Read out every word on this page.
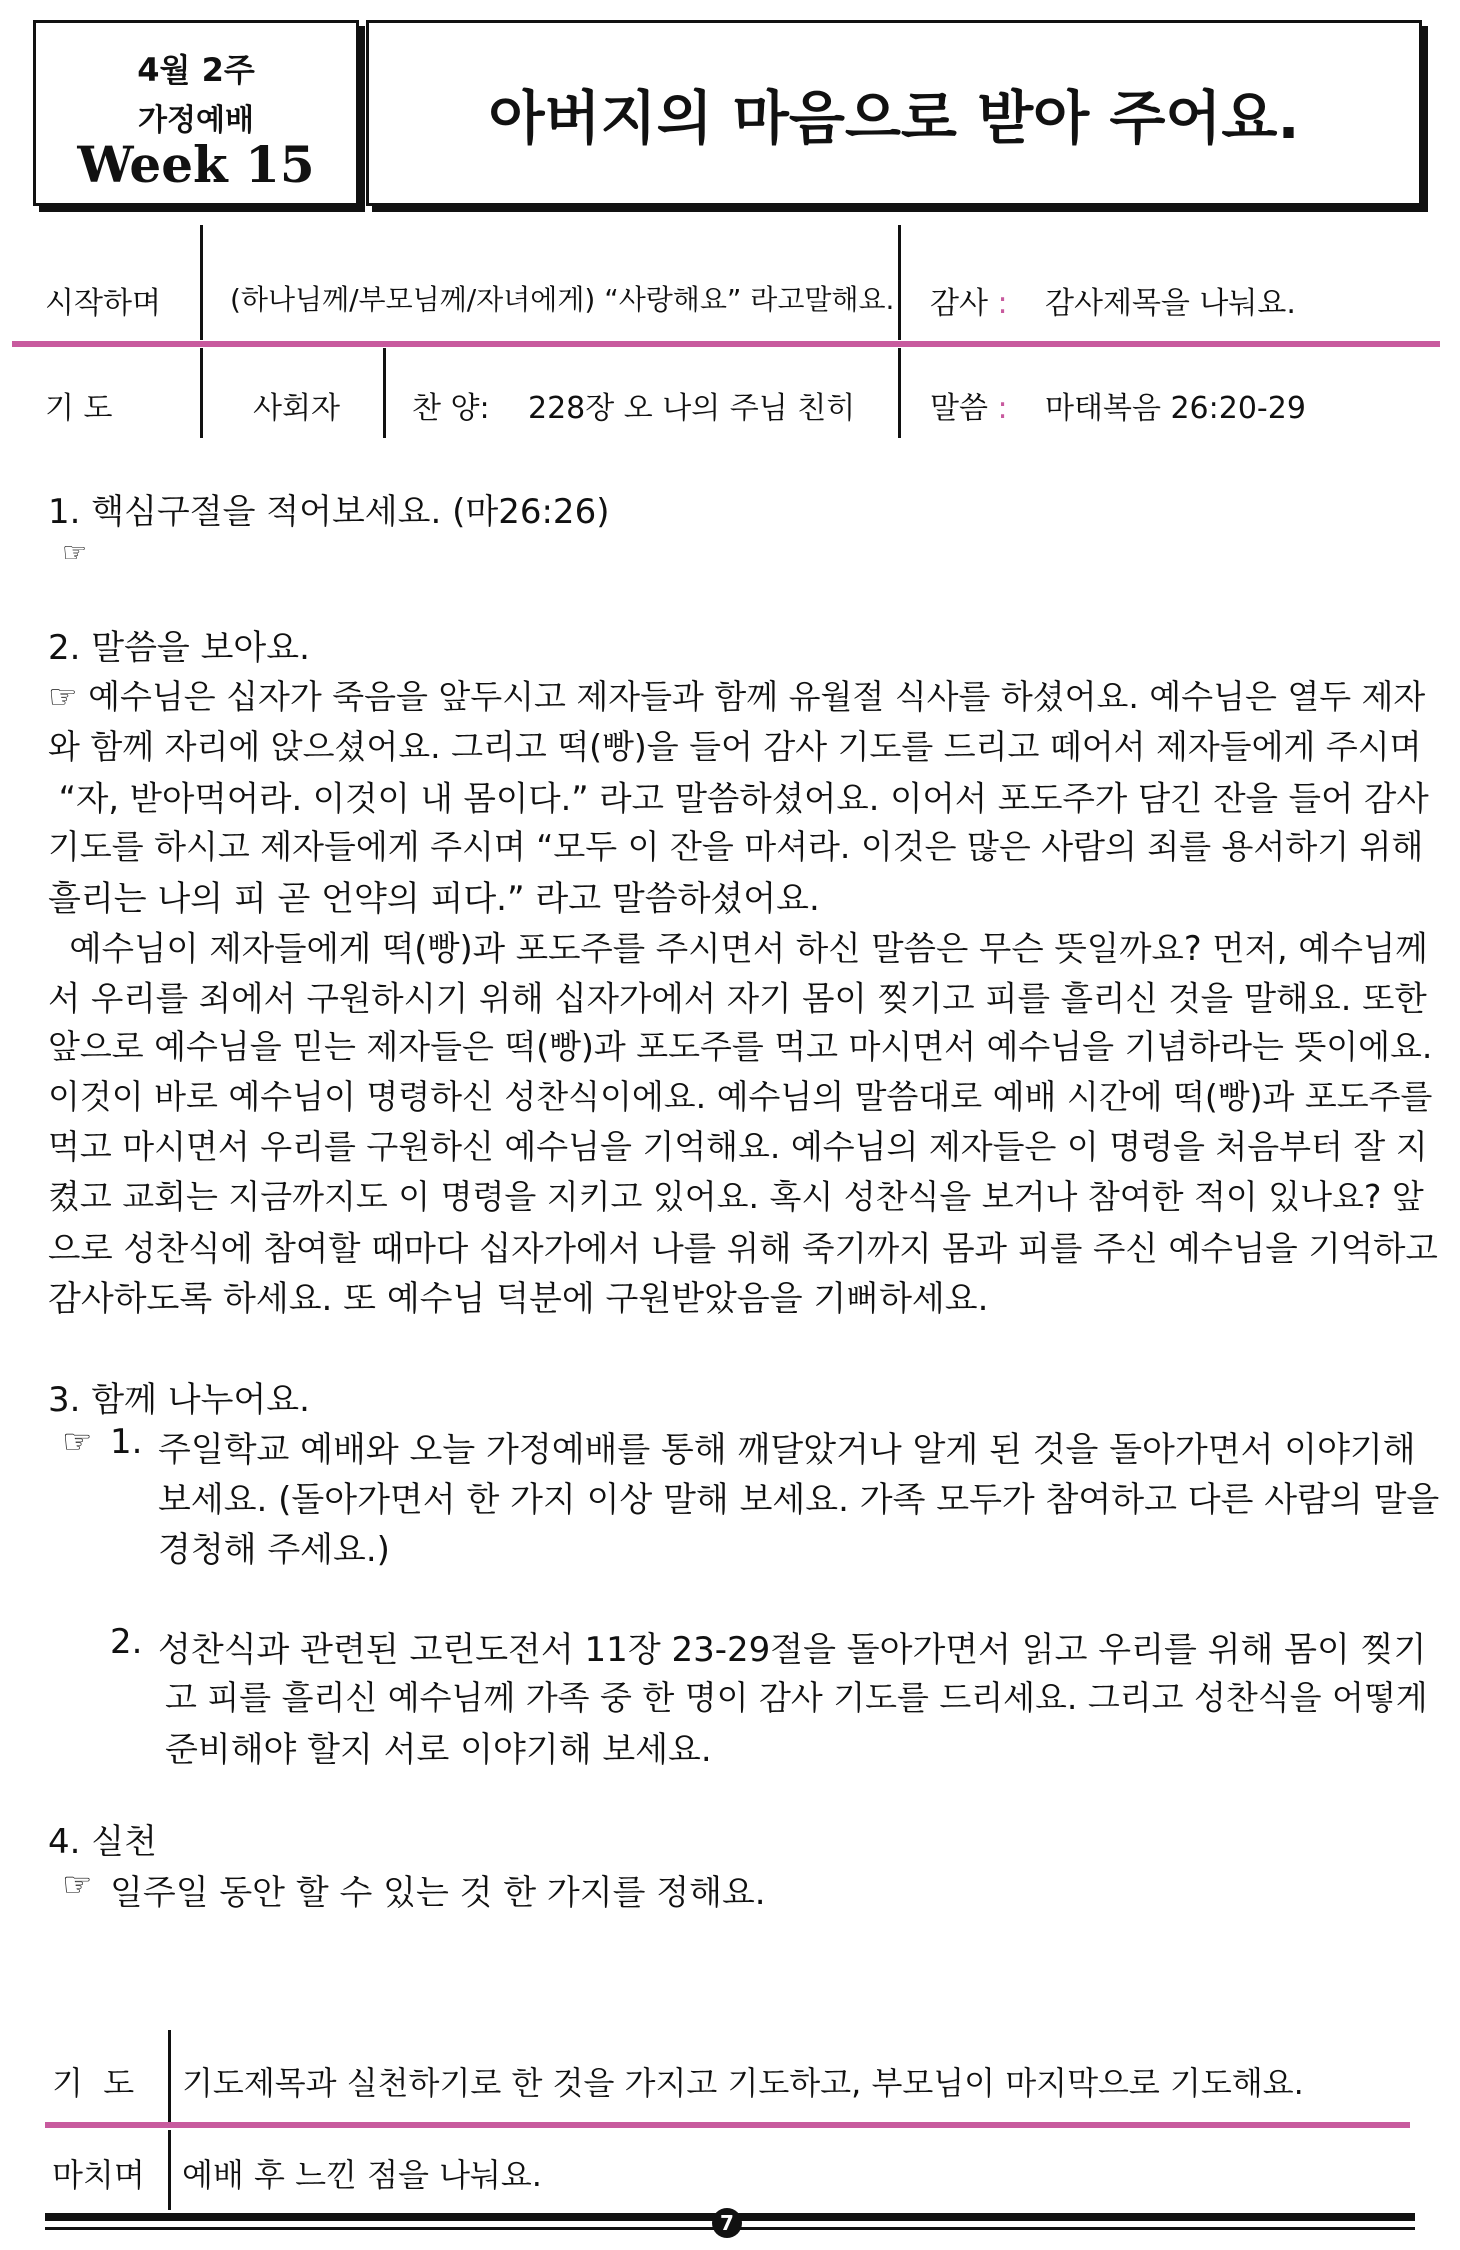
4월 2주
가정예배
Week 15
아버지의 마음으로 받아 주어요.
시작하며 (하나님께/부모님께/자녀에게) “사랑해요” 라고말해요. 감사 : 감사제목을 나눠요.
기 도	사회자 찬 양: 228장 오 나의 주님 친히 말씀 : 마태복음 26:20-29
1. 핵심구절을 적어보세요. (마26:26)
☞
2. 말씀을 보아요.
☞ 예수님은 십자가 죽음을 앞두시고 제자들과 함께 유월절 식사를 하셨어요. 예수님은 열두 제자
와 함께 자리에 앉으셨어요. 그리고 떡(빵)을 들어 감사 기도를 드리고 떼어서 제자들에게 주시며
“자, 받아먹어라. 이것이 내 몸이다.” 라고 말씀하셨어요. 이어서 포도주가 담긴 잔을 들어 감사
기도를 하시고 제자들에게 주시며 “모두 이 잔을 마셔라. 이것은 많은 사람의 죄를 용서하기 위해
흘리는 나의 피 곧 언약의 피다.” 라고 말씀하셨어요.
예수님이 제자들에게 떡(빵)과 포도주를 주시면서 하신 말씀은 무슨 뜻일까요? 먼저, 예수님께
서 우리를 죄에서 구원하시기 위해 십자가에서 자기 몸이 찢기고 피를 흘리신 것을 말해요. 또한
앞으로 예수님을 믿는 제자들은 떡(빵)과 포도주를 먹고 마시면서 예수님을 기념하라는 뜻이에요.
이것이 바로 예수님이 명령하신 성찬식이에요. 예수님의 말씀대로 예배 시간에 떡(빵)과 포도주를
먹고 마시면서 우리를 구원하신 예수님을 기억해요. 예수님의 제자들은 이 명령을 처음부터 잘 지
켰고 교회는 지금까지도 이 명령을 지키고 있어요. 혹시 성찬식을 보거나 참여한 적이 있나요? 앞
으로 성찬식에 참여할 때마다 십자가에서 나를 위해 죽기까지 몸과 피를 주신 예수님을 기억하고
감사하도록 하세요. 또 예수님 덕분에 구원받았음을 기뻐하세요.
3. 함께 나누어요.
☞ 1. 주일학교 예배와 오늘 가정예배를 통해 깨달았거나 알게 된 것을 돌아가면서 이야기해
보세요. (돌아가면서 한 가지 이상 말해 보세요. 가족 모두가 참여하고 다른 사람의 말을
경청해 주세요.)
2. 성찬식과 관련된 고린도전서 11장 23-29절을 돌아가면서 읽고 우리를 위해 몸이 찢기
고 피를 흘리신 예수님께 가족 중 한 명이 감사 기도를 드리세요. 그리고 성찬식을 어떻게
준비해야 할지 서로 이야기해 보세요.
4. 실천
☞ 일주일 동안 할 수 있는 것 한 가지를 정해요.
기  도 기도제목과 실천하기로 한 것을 가지고 기도하고, 부모님이 마지막으로 기도해요.
마치며 예배 후 느낀 점을 나눠요.
7
